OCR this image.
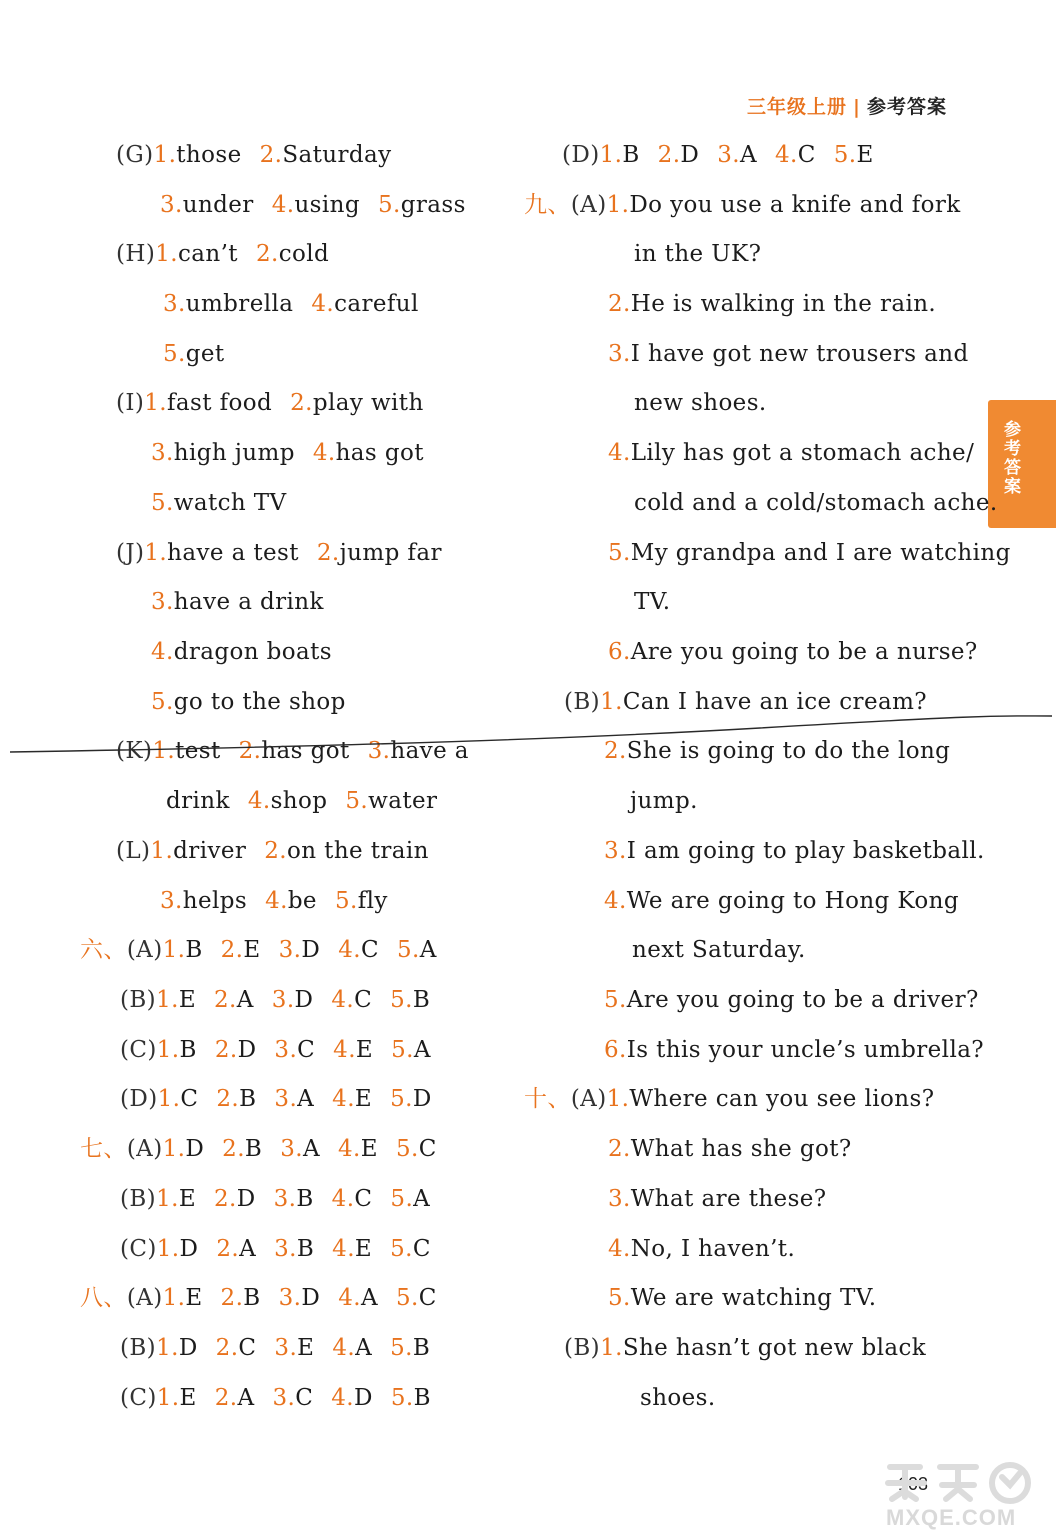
三年级上册 | 参考答案
参考答案
(G)1.those 2.Saturday
3.under 4.using 5.grass
(H)1.can’t 2.cold
3.umbrella 4.careful
5.get
(I)1.fast food 2.play with
3.high jump 4.has got
5.watch TV
(J)1.have a test 2.jump far
3.have a drink
4.dragon boats
5.go to the shop
(K)1.test 2.has got 3.have a
drink 4.shop 5.water
(L)1.driver 2.on the train
3.helps 4.be 5.fly
六、(A)1.B 2.E 3.D 4.C 5.A
(B)1.E 2.A 3.D 4.C 5.B
(C)1.B 2.D 3.C 4.E 5.A
(D)1.C 2.B 3.A 4.E 5.D
七、(A)1.D 2.B 3.A 4.E 5.C
(B)1.E 2.D 3.B 4.C 5.A
(C)1.D 2.A 3.B 4.E 5.C
八、(A)1.E 2.B 3.D 4.A 5.C
(B)1.D 2.C 3.E 4.A 5.B
(C)1.E 2.A 3.C 4.D 5.B
(D)1.B 2.D 3.A 4.C 5.E
九、(A)1.Do you use a knife and fork
in the UK?
2.He is walking in the rain.
3.I have got new trousers and
new shoes.
4.Lily has got a stomach ache/
cold and a cold/stomach ache.
5.My grandpa and I are watching
TV.
6.Are you going to be a nurse?
(B)1.Can I have an ice cream?
2.She is going to do the long
jump.
3.I am going to play basketball.
4.We are going to Hong Kong
next Saturday.
5.Are you going to be a driver?
6.Is this your uncle’s umbrella?
十、(A)1.Where can you see lions?
2.What has she got?
3.What are these?
4.No, I haven’t.
5.We are watching TV.
(B)1.She hasn’t got new black
shoes.
103
MXQE.COM
